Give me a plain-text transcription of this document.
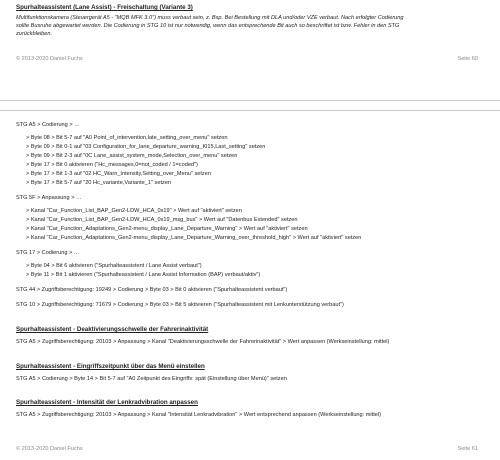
Spurhalteassistent (Lane Assist) - Freischaltung (Variante 3)
Multifunktionskamera (Steuergerät A5 - "MQB MFK 3.0") muss verbaut sein, z. Bsp. Bei Bestellung mit DLA und/oder VZE verbaut. Nach erfolgter Codierung
sollte Busruhe abgewartet werden. Die Codierung in STG 10 ist nur notwendig, wenn das entsprechende Bit auch so beschriftet ist bzw. Fehler in den STG
zurückbleiben.
© 2013-2020 Daniel Fuchs	Seite 60
STG A5 > Codierung > …
> Byte 08 > Bit 5-7 auf "A0 Point_of_intervention,late_setting_over_menu" setzen
> Byte 09 > Bit 0-1 auf "03 Configuration_for_lane_departure_warning_Kl15,Last_setting" setzen
> Byte 09 > Bit 2-3 auf "0C Lane_assist_system_mode,Selection_over_menu" setzen
> Byte 17 > Bit 0 aktivieren ("Hc_messages,0=not_coded / 1=coded")
> Byte 17 > Bit 1-3 auf "02 HC_Warn_Intensity,Setting_over_Menu" setzen
> Byte 17 > Bit 5-7 auf "20 Hc_variante,Variante_1" setzen
STG 5F > Anpassung > …
> Kanal "Car_Function_List_BAP_Gen2-LDW_HCA_0x19" > Wert auf "aktiviert" setzen
> Kanal "Car_Function_List_BAP_Gen2-LDW_HCA_0x19_msg_bus" > Wert auf "Datenbus Extended" setzen
> Kanal "Car_Function_Adaptations_Gen2-menu_display_Lane_Departure_Warning" > Wert auf "aktiviert" setzen
> Kanal "Car_Function_Adaptations_Gen2-menu_display_Lane_Departure_Warning_over_threshold_high" > Wert auf "aktiviert" setzen
STG 17 > Codierung > …
> Byte 04 > Bit 6 aktivieren ("Spurhalteassistent / Lane Assist verbaut")
> Byte 11 > Bit 1 aktivieren ("Spurhalteassistent / Lane Assist Information (BAP) verbaut/aktiv")
STG 44 > Zugriffsberechtigung: 19249 > Codierung > Byte 03 > Bit 0 aktivieren ("Spurhalteassistent verbaut")
STG 10 > Zugriffsberechtigung: 71679 > Codierung > Byte 03 > Bit 5 aktivieren ("Spurhalteassistent mit Lenkunterstützung verbaut")
Spurhalteassistent - Deaktivierungsschwelle der Fahrerinaktivität
STG A5 > Zugriffsberechtigung: 20103 > Anpassung > Kanal "Deaktivierungsschwelle der Fahrerinaktivität" > Wert anpassen (Werkseinstellung: mittel)
Spurhalteassistent - Eingriffszeitpunkt über das Menü einstellen
STG A5 > Codierung > Byte 14 > Bit 5-7 auf "A0 Zeitpunkt des Eingriffs: spät (Einstellung über Menü)" setzen
Spurhalteassistent - Intensität der Lenkradvibration anpassen
STG A5 > Zugriffsberechtigung: 20103 > Anpassung > Kanal "Intensität Lenkradvibration" > Wert entsprechend anpassen (Werkseinstellung: mittel)
© 2013-2020 Daniel Fuchs	Seite 61
